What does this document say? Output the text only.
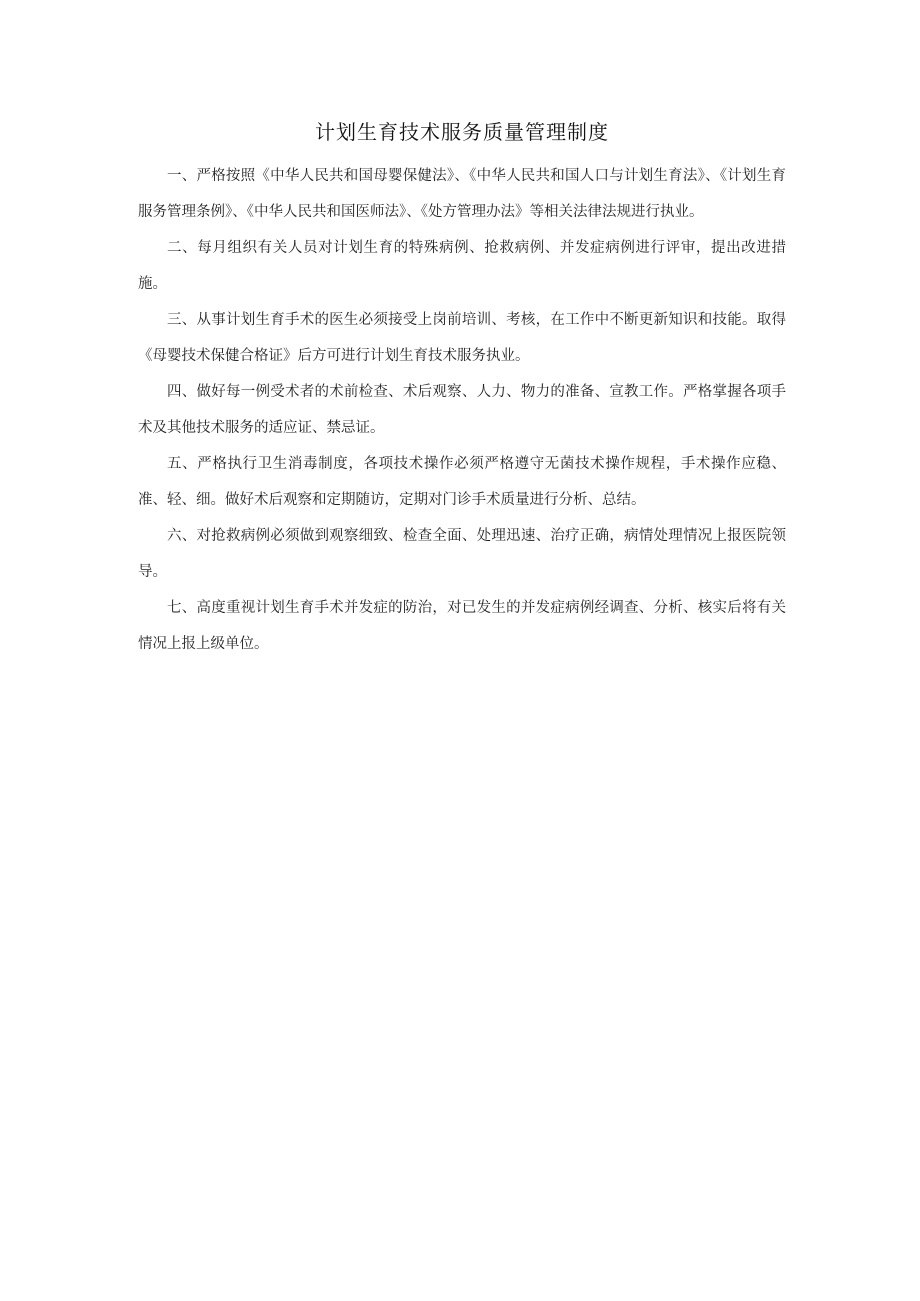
计划生育技术服务质量管理制度

一、严格按照《中华人民共和国母婴保健法》、《中华人民共和国人口与计划生育法》、《计划生育服务管理条例》、《中华人民共和国医师法》、《处方管理办法》等相关法律法规进行执业。

二、每月组织有关人员对计划生育的特殊病例、抢救病例、并发症病例进行评审，提出改进措施。

三、从事计划生育手术的医生必须接受上岗前培训、考核，在工作中不断更新知识和技能。取得《母婴技术保健合格证》后方可进行计划生育技术服务执业。

四、做好每一例受术者的术前检查、术后观察、人力、物力的准备、宣教工作。严格掌握各项手术及其他技术服务的适应证、禁忌证。

五、严格执行卫生消毒制度，各项技术操作必须严格遵守无菌技术操作规程，手术操作应稳、准、轻、细。做好术后观察和定期随访，定期对门诊手术质量进行分析、总结。

六、对抢救病例必须做到观察细致、检查全面、处理迅速、治疗正确，病情处理情况上报医院领导。

七、高度重视计划生育手术并发症的防治，对已发生的并发症病例经调查、分析、核实后将有关情况上报上级单位。
